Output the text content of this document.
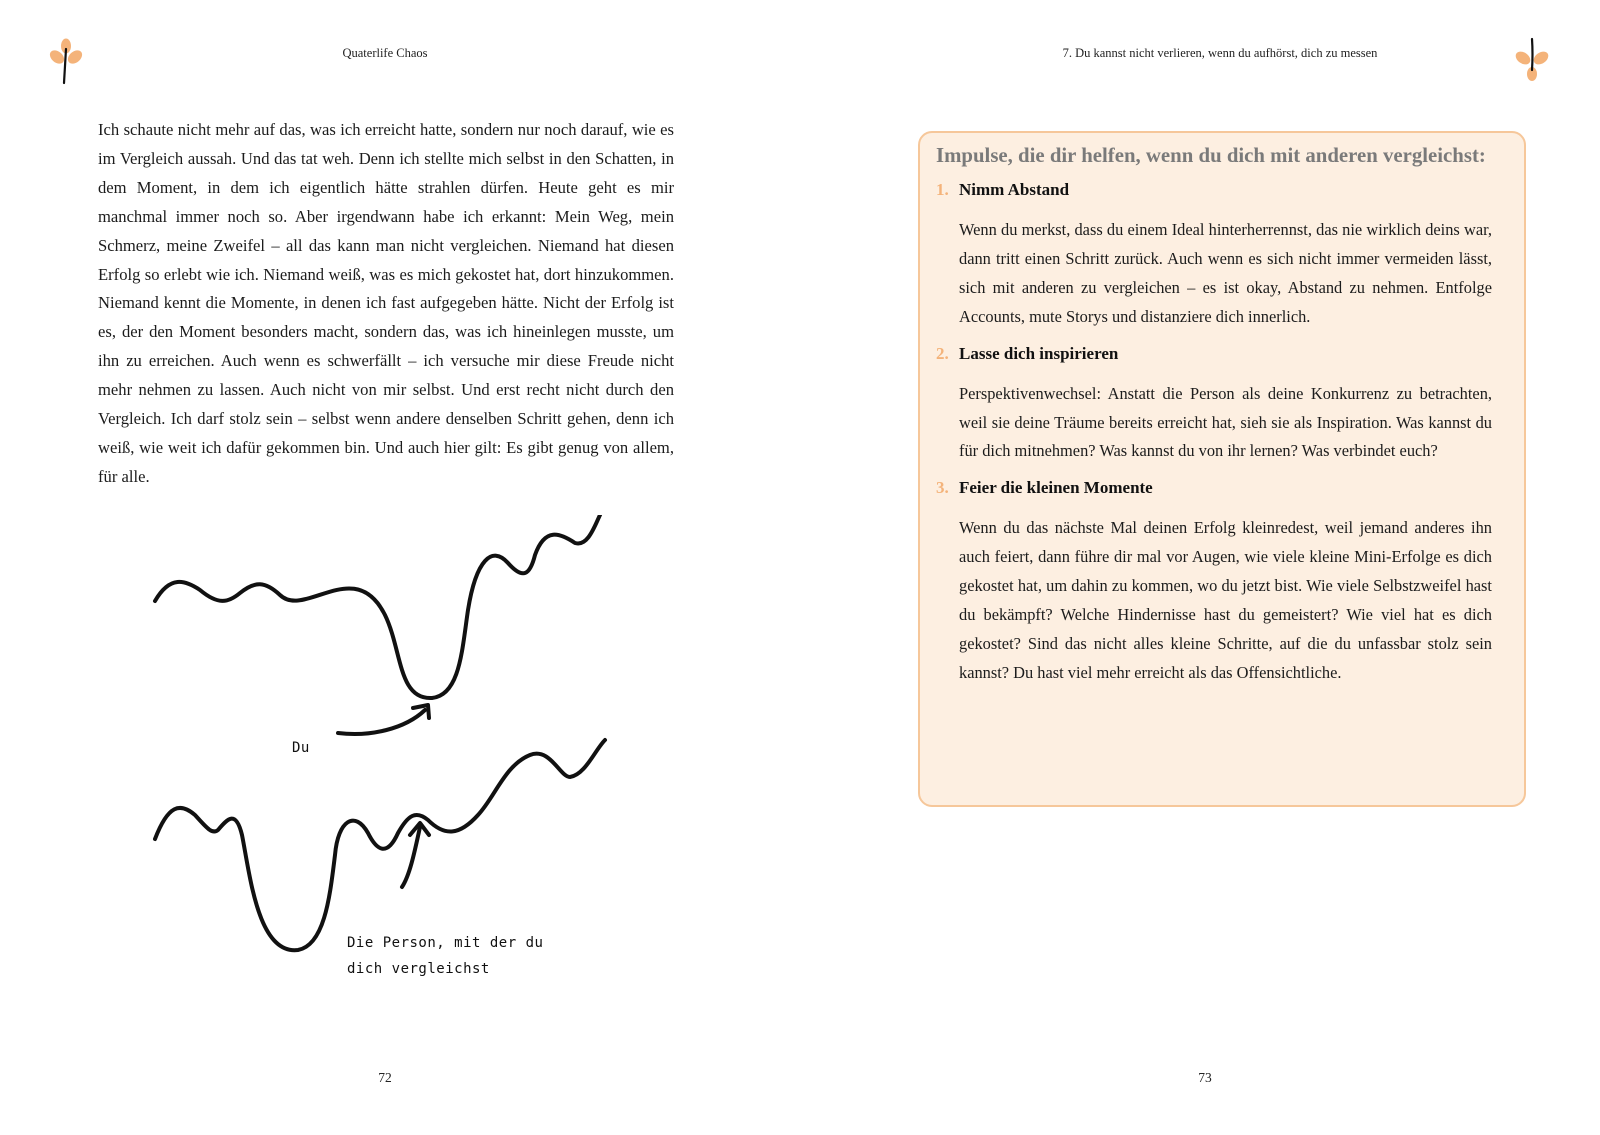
Quaterlife Chaos

Ich schaute nicht mehr auf das, was ich erreicht hatte, sondern nur noch darauf, wie es im Vergleich aussah. Und das tat weh. Denn ich stellte mich selbst in den Schatten, in dem Moment, in dem ich eigentlich hätte strahlen dürfen. Heute geht es mir manchmal immer noch so. Aber irgendwann habe ich erkannt: Mein Weg, mein Schmerz, meine Zweifel – all das kann man nicht vergleichen. Niemand hat diesen Erfolg so erlebt wie ich. Niemand weiß, was es mich gekostet hat, dort hinzukommen. Niemand kennt die Momente, in denen ich fast aufgegeben hätte. Nicht der Erfolg ist es, der den Moment besonders macht, sondern das, was ich hineinlegen musste, um ihn zu erreichen. Auch wenn es schwerfällt – ich versuche mir diese Freude nicht mehr nehmen zu lassen. Auch nicht von mir selbst. Und erst recht nicht durch den Vergleich. Ich darf stolz sein – selbst wenn andere denselben Schritt gehen, denn ich weiß, wie weit ich dafür gekommen bin. Und auch hier gilt: Es gibt genug von allem, für alle.

Du
Die Person, mit der du dich vergleichst
72
7. Du kannst nicht verlieren, wenn du aufhörst, dich zu messen
Impulse, die dir helfen, wenn du dich mit anderen vergleichst:
1. Nimm Abstand

Wenn du merkst, dass du einem Ideal hinterherrennst, das nie wirklich deins war, dann tritt einen Schritt zurück. Auch wenn es sich nicht immer vermeiden lässt, sich mit anderen zu vergleichen – es ist okay, Abstand zu nehmen. Entfolge Accounts, mute Storys und distanziere dich innerlich.

2. Lasse dich inspirieren

Perspektivenwechsel: Anstatt die Person als deine Konkurrenz zu betrachten, weil sie deine Träume bereits erreicht hat, sieh sie als Inspiration. Was kannst du für dich mitnehmen? Was kannst du von ihr lernen? Was verbindet euch?

3. Feier die kleinen Momente

Wenn du das nächste Mal deinen Erfolg kleinredest, weil jemand anderes ihn auch feiert, dann führe dir mal vor Augen, wie viele kleine Mini-Erfolge es dich gekostet hat, um dahin zu kommen, wo du jetzt bist. Wie viele Selbstzweifel hast du bekämpft? Welche Hindernisse hast du gemeistert? Wie viel hat es dich gekostet? Sind das nicht alles kleine Schritte, auf die du unfassbar stolz sein kannst? Du hast viel mehr erreicht als das Offensichtliche.

73
